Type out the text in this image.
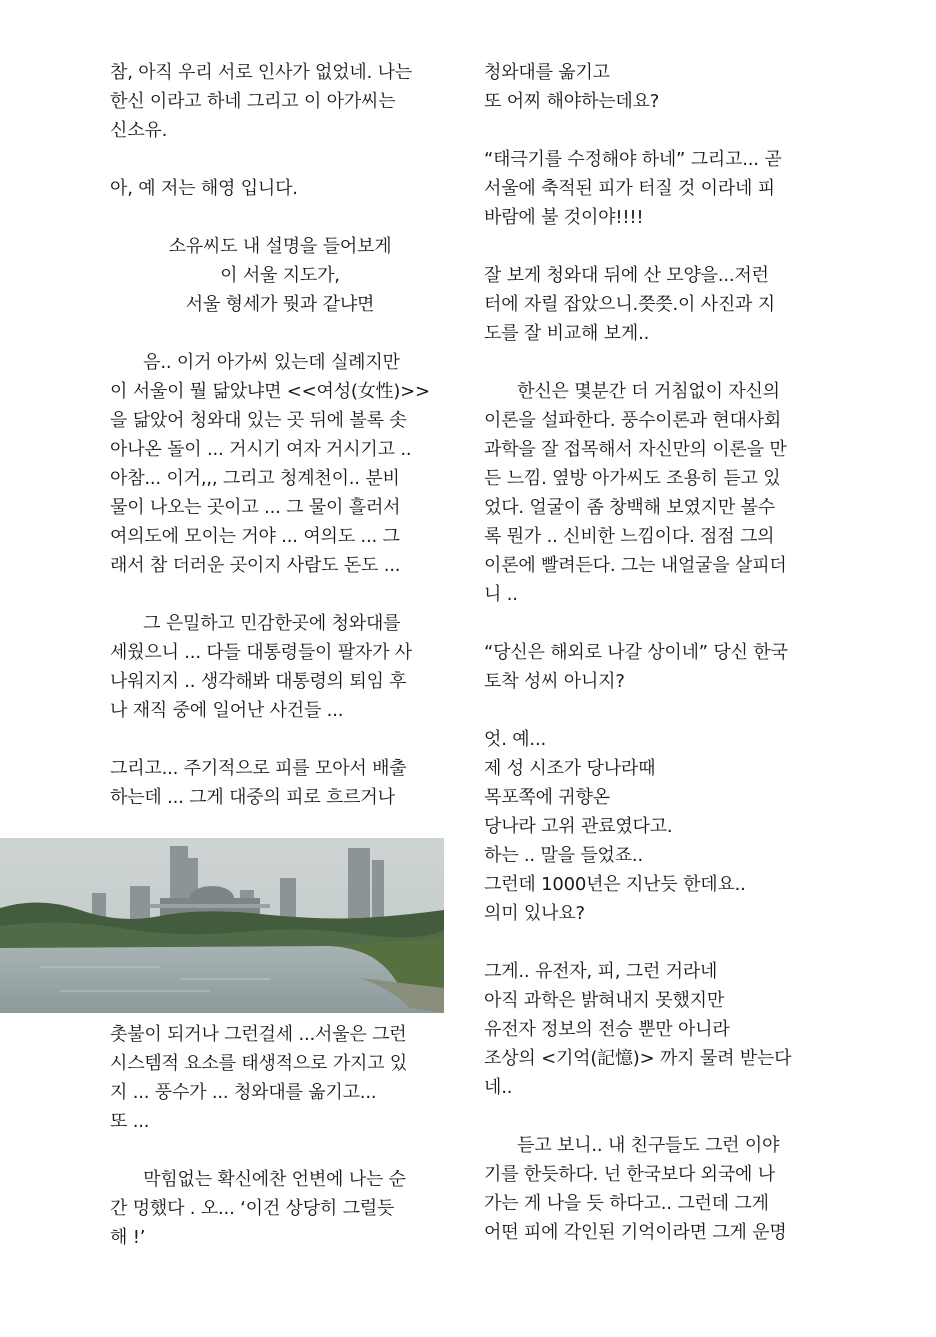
참, 아직 우리 서로 인사가 없었네. 나는
한신 이라고 하네 그리고 이 아가씨는
신소유.
아, 예 저는 해영 입니다.
소유씨도 내 설명을 들어보게
이 서울 지도가,
서울 형세가 뭣과 같냐면
음.. 이거 아가씨 있는데 실례지만
이 서울이 뭘 닮았냐면 <<여성(女性)>>
을 닮았어 청와대 있는 곳 뒤에 볼록 솟
아나온 돌이 ... 거시기 여자 거시기고 ..
아참... 이거,,, 그리고 청계천이.. 분비
물이 나오는 곳이고 ... 그 물이 흘러서
여의도에 모이는 거야 ... 여의도 ... 그
래서 참 더러운 곳이지 사람도 돈도 ...
그 은밀하고 민감한곳에 청와대를
세웠으니 ... 다들 대통령들이 팔자가 사
나워지지 .. 생각해봐 대통령의 퇴임 후
나 재직 중에 일어난 사건들 ...
그리고... 주기적으로 피를 모아서 배출
하는데 ... 그게 대중의 피로 흐르거나
촛불이 되거나 그런걸세 ...서울은 그런
시스템적 요소를 태생적으로 가지고 있
지 ... 풍수가 ... 청와대를 옮기고...
또 ...
막힘없는 확신에찬 언변에 나는 순
간 멍했다 . 오... ‘이건 상당히 그럴듯
해 !’
청와대를 옮기고
또 어찌 해야하는데요?
“태극기를 수정해야 하네” 그리고... 곧
서울에 축적된 피가 터질 것 이라네 피
바람에 불 것이야!!!!
잘 보게 청와대 뒤에 산 모양을...저런
터에 자릴 잡았으니.쯧쯧.이 사진과 지
도를 잘 비교해 보게..
한신은 몇분간 더 거침없이 자신의
이론을 설파한다. 풍수이론과 현대사회
과학을 잘 접목해서 자신만의 이론을 만
든 느낌. 옆방 아가씨도 조용히 듣고 있
었다. 얼굴이 좀 창백해 보였지만 볼수
록 뭔가 .. 신비한 느낌이다. 점점 그의
이론에 빨려든다. 그는 내얼굴을 살피더
니 ..
“당신은 해외로 나갈 상이네” 당신 한국
토착 성씨 아니지?
엇. 예...
제 성 시조가 당나라때
목포쪽에 귀향온
당나라 고위 관료였다고.
하는 .. 말을 들었죠..
그런데 1000년은 지난듯 한데요..
의미 있나요?
그게.. 유전자, 피, 그런 거라네
아직 과학은 밝혀내지 못했지만
유전자 정보의 전승 뿐만 아니라
조상의 <기억(記憶)> 까지 물려 받는다
네..
듣고 보니.. 내 친구들도 그런 이야
기를 한듯하다. 넌 한국보다 외국에 나
가는 게 나을 듯 하다고.. 그런데 그게
어떤 피에 각인된 기억이라면 그게 운명
